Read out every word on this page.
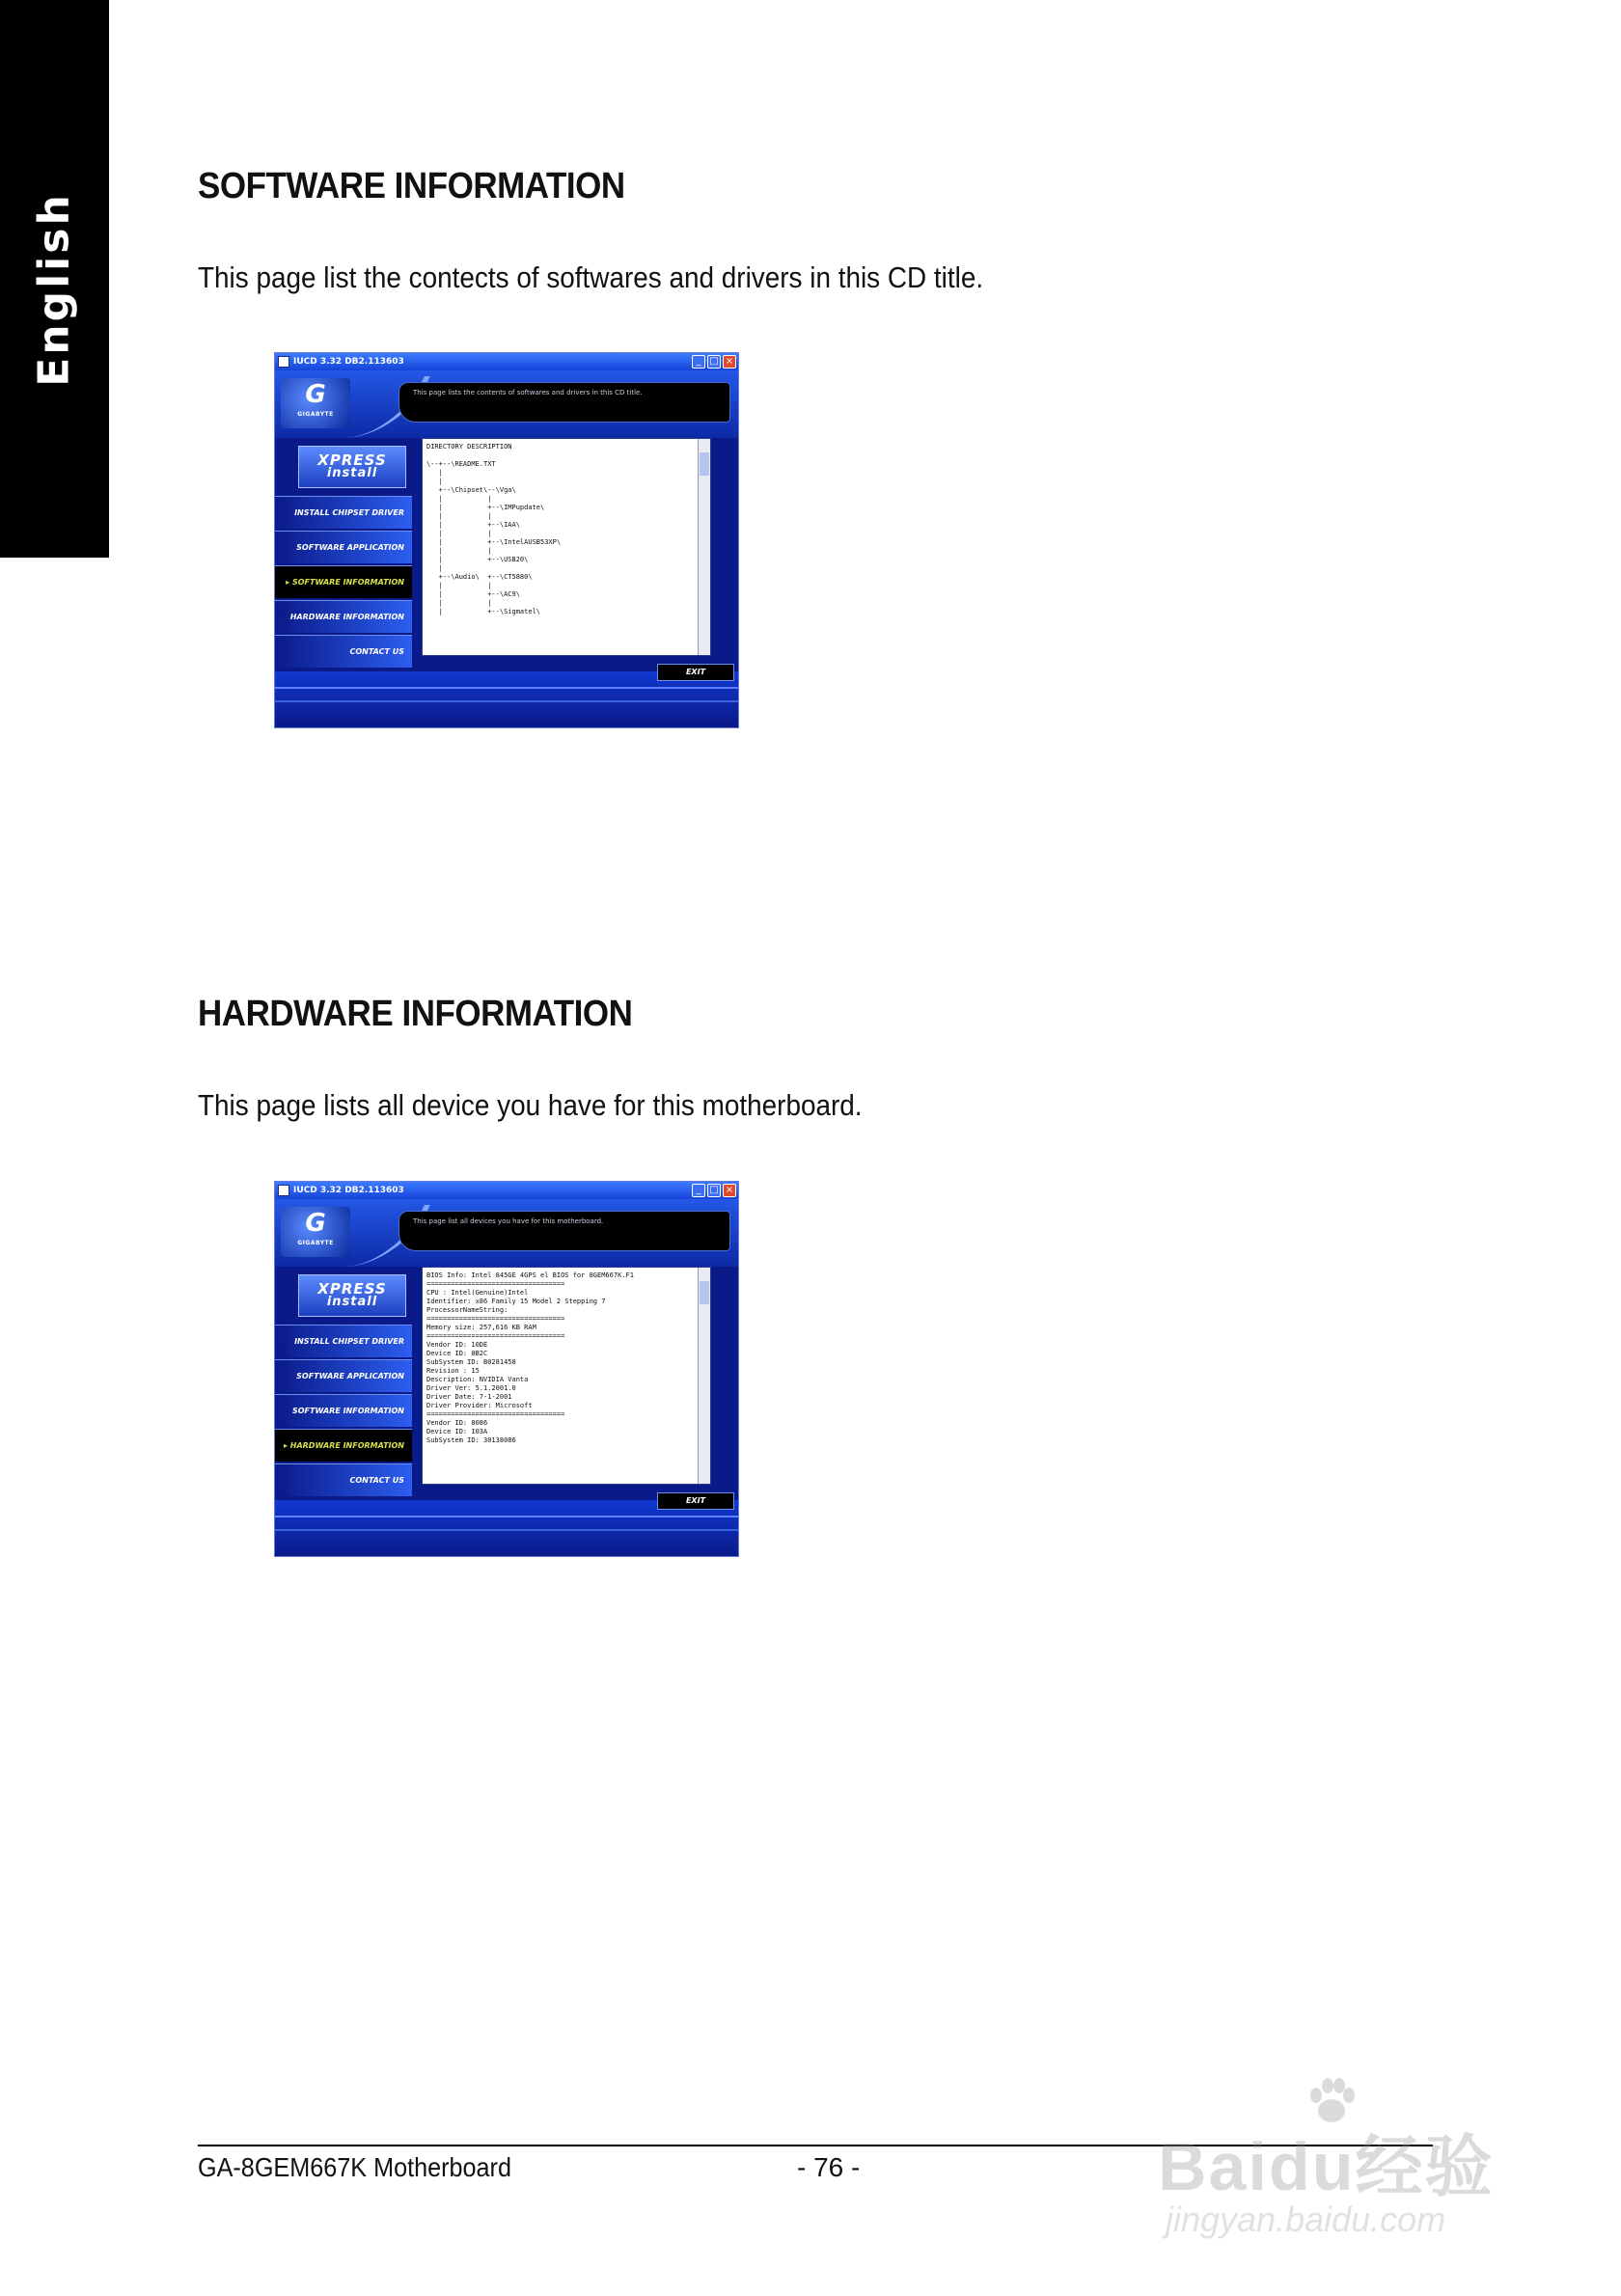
English
SOFTWARE INFORMATION
This page list the contects of softwares and drivers in this CD title.
IUCD 3.32 DB2.113603	_ □ ×
G
GIGABYTE
This page lists the contents of softwares and drivers in this CD title.
XPRESS
install
INSTALL CHIPSET DRIVER
SOFTWARE APPLICATION
▸ SOFTWARE INFORMATION
HARDWARE INFORMATION
CONTACT US
DIRECTORY DESCRIPTION

\--+--\README.TXT
|
|
+--\Chipset\--\Vga\
|           |
|           +--\IMPupdate\
|           |
|           +--\IAA\
|           |
|           +--\IntelAUSB53XP\
|           |
|           +--\USB20\
|
+--\Audio\  +--\CT5880\
|           |
|           +--\AC9\
|           |
|           +--\Sigmatel\
EXIT
HARDWARE INFORMATION
This page lists all device you have for this motherboard.
IUCD 3.32 DB2.113603	_ □ ×
G
GIGABYTE
This page list all devices you have for this motherboard.
XPRESS
install
INSTALL CHIPSET DRIVER
SOFTWARE APPLICATION
SOFTWARE INFORMATION
▸ HARDWARE INFORMATION
CONTACT US
BIOS Info: Intel 845GE 4GPS el BIOS for 8GEM667K.F1
==================================
CPU : Intel(Genuine)Intel
Identifier: x86 Family 15 Model 2 Stepping 7
ProcessorNameString:
==================================
Memory size: 257,616 KB RAM
==================================
Vendor ID: 10DE
Device ID: 0B2C
SubSystem ID: B0281458
Revision : 15
Description: NVIDIA Vanta
Driver Ver: 5.1.2001.0
Driver Date: 7-1-2001
Driver Provider: Microsoft
==================================
Vendor ID: 8086
Device ID: 103A
SubSystem ID: 30138086
EXIT
GA-8GEM667K Motherboard	- 76 -	Baidu经验
jingyan.baidu.com
